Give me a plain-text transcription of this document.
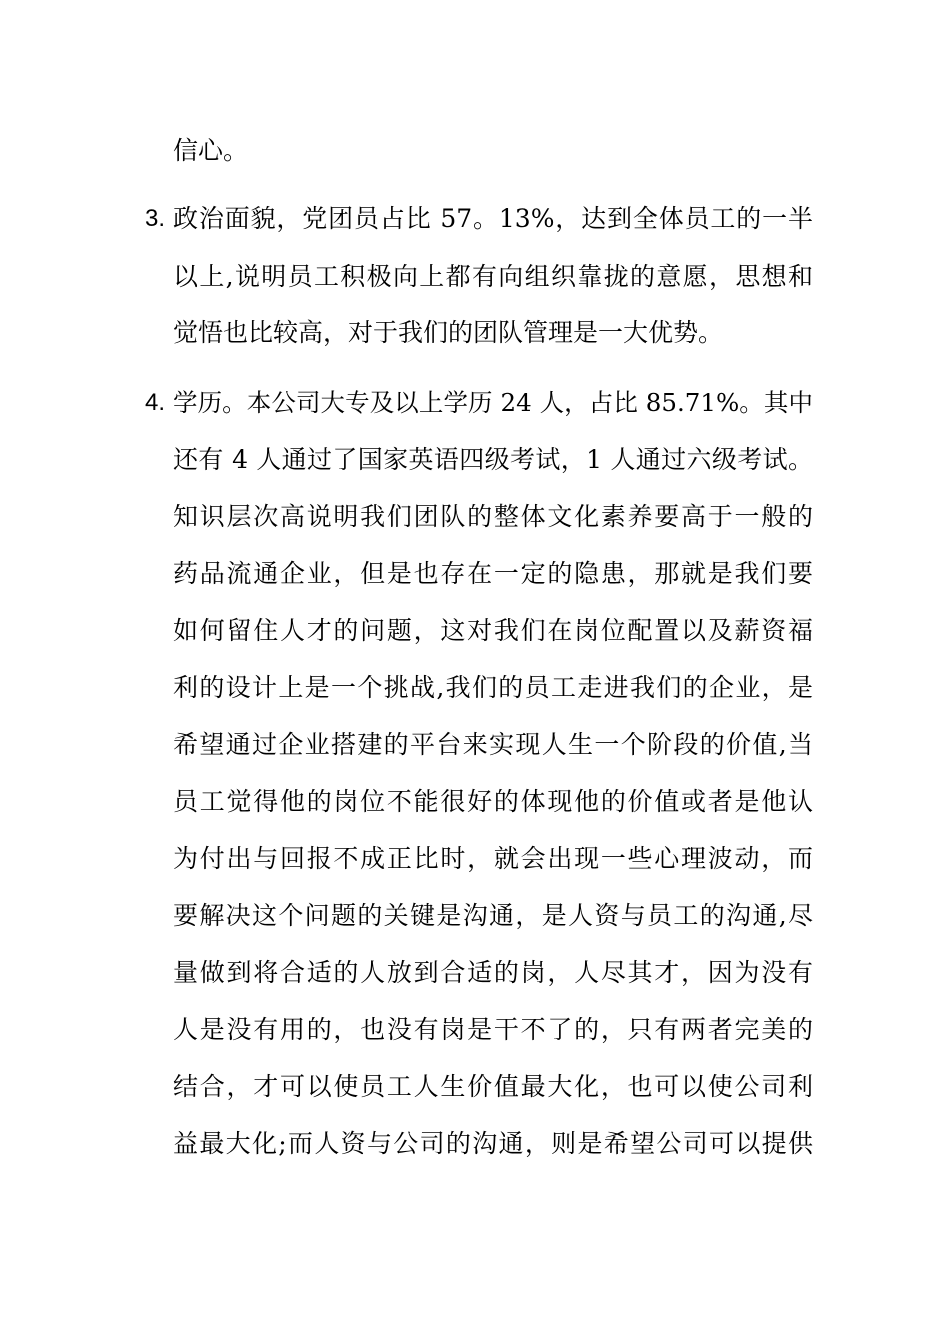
信心。
3. 政治面貌，党团员占比 57。13%，达到全体员工的一半
以上,说明员工积极向上都有向组织靠拢的意愿，思想和
觉悟也比较高，对于我们的团队管理是一大优势。
4. 学历。本公司大专及以上学历 24 人，占比 85.71%。其中
还有 4 人通过了国家英语四级考试，1 人通过六级考试。
知识层次高说明我们团队的整体文化素养要高于一般的
药品流通企业，但是也存在一定的隐患，那就是我们要
如何留住人才的问题，这对我们在岗位配置以及薪资福
利的设计上是一个挑战,我们的员工走进我们的企业，是
希望通过企业搭建的平台来实现人生一个阶段的价值,当
员工觉得他的岗位不能很好的体现他的价值或者是他认
为付出与回报不成正比时，就会出现一些心理波动，而
要解决这个问题的关键是沟通，是人资与员工的沟通,尽
量做到将合适的人放到合适的岗，人尽其才，因为没有
人是没有用的，也没有岗是干不了的，只有两者完美的
结合，才可以使员工人生价值最大化，也可以使公司利
益最大化;而人资与公司的沟通，则是希望公司可以提供
